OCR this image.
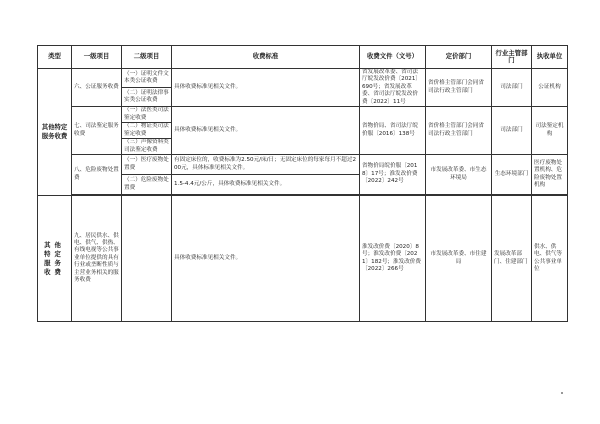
类型	一级项目	二级项目	收费标准	收费文件（文号）	定价部门	行业主管部门	执收单位
其他特定服务收费	六、公证服务收费	（一）证明文件文本类公证收费	具体收费标准见相关文件。	省发展改革委、省司法厅皖发改价费〔2021〕690号；省发展改革委、省司法厅皖发改价费〔2022〕11号	省价格主管部门会同省司法行政主管部门	司法部门	公证机构
		（二）证明法律事实类公证收费					
	七、司法鉴定服务收费	（一）法医类司法鉴定收费	具体收费标准见相关文件。	省物价局、省司法厅皖价服〔2016〕138号	省价格主管部门会同省司法行政主管部门	司法部门	司法鉴定机构
		（二）物证类司法鉴定收费					
		（三）声像资料类司法鉴定收费					
	八、危险废物处置费	（一）医疗废物处置费	有固定床位的，收费标准为2.50元/床/日；无固定床位的每家每月不超过200元，具体标准见相关文件。	省物价局皖价服〔2018〕17号；淮发改价费〔2022〕242号	市发展改革委、市生态环境局	生态环境部门	医疗废物处置机构、危险废物处置机构
		（二）危险废物处置费	1.5-4.4元/公斤，具体收费标准见相关文件。				

其他特定服务收费	九、居民供水、供电、供气、供热、有线电视等公共事业单位提供的具有行业或垄断性质与主营业务相关的服务收费		具体收费标准见相关文件。	淮发改价费〔2020〕8号；淮发改价费〔2021〕182号；淮发改价费〔2022〕266号	市发展改革委、市住建局	发展改革部门、住建部门	供水、供电、供气等公共事业单位
